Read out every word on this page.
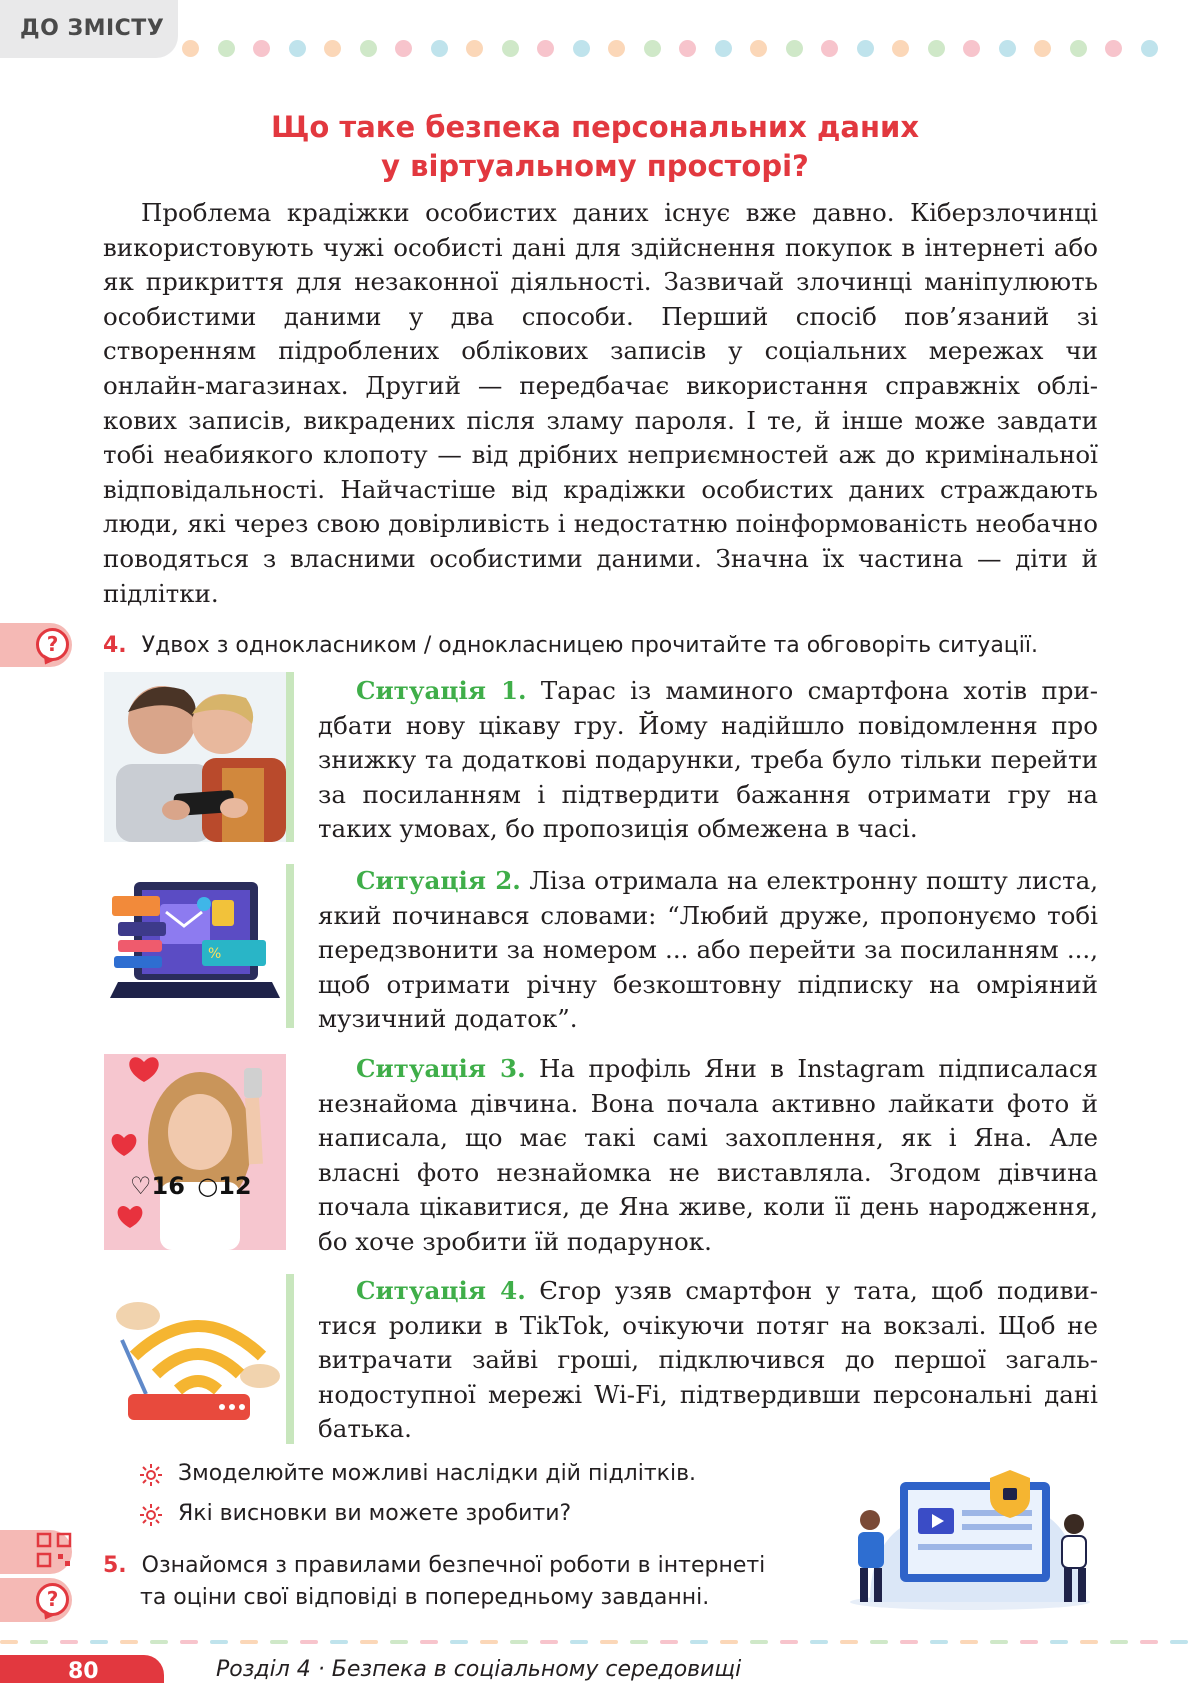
ДО ЗМІСТУ
Що таке безпека персональних даних
у віртуальному просторі?

Проблема крадіжки особистих даних існує вже давно. Кіберзлочинці використовують чужі особисті дані для здійснення покупок в інтернеті або як прикриття для незаконної діяльності. Зазвичай злочинці маніпулюють особистими даними у два способи. Перший спосіб пов’язаний зі створенням підроблених облікових записів у соціальних мережах чи онлайн-магазинах. Другий — передбачає використання справжніх облікових записів, викрадених після зламу пароля. І те, й інше може завдати тобі неабиякого клопоту — від дрібних неприємностей аж до кримінальної відповідальності. Найчастіше від крадіжки особистих даних страждають люди, які через свою довірливість і недостатню поінформованість необачно поводяться з власними особистими даними. Значна їх частина — діти й підлітки.

?	4. Удвох з однокласником / однокласницею прочитайте та обговоріть ситуації.

Ситуація 1. Тарас із маминого смартфона хотів придбати нову цікаву гру. Йому надійшло повідомлення про знижку та додаткові подарунки, треба було тільки перейти за посиланням і підтвердити бажання отримати гру на таких умовах, бо пропозиція обмежена в часі.

%

Ситуація 2. Ліза отримала на електронну пошту листа, який починався словами: “Любий друже, пропонуємо тобі передзвонити за номером ... або перейти за посиланням ..., щоб отримати річну безкоштовну підписку на омріяний музичний додаток”.

♡16 ○12

Ситуація 3. На профіль Яни в Instagram підписалася незнайома дівчина. Вона почала активно лайкати фото й написала, що має такі самі захоплення, як і Яна. Але власні фото незнайомка не виставляла. Згодом дівчина почала цікавитися, де Яна живе, коли її день народження, бо хоче зробити їй подарунок.

Ситуація 4. Єгор узяв смартфон у тата, щоб подивитися ролики в TikTok, очікуючи потяг на вокзалі. Щоб не витрачати зайві гроші, підключився до першої загальнодоступної мережі Wi-Fi, підтвердивши персональні дані батька.

Змоделюйте можливі наслідки дій підлітків.
Які висновки ви можете зробити?
?
5. Ознайомся з правилами безпечної роботи в інтернеті
та оціни свої відповіді в попередньому завданні.
80	Розділ 4 · Безпека в соціальному середовищі
